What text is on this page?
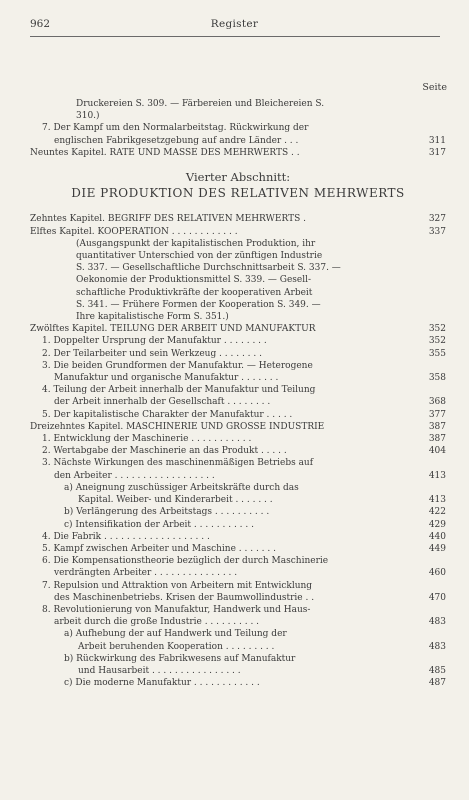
962	Register
Seite
Druckereien S. 309. — Färbereien und Bleichereien S.
310.)
7. Der Kampf um den Normalarbeitstag. Rückwirkung der
englischen Fabrikgesetzgebung auf andre Länder . . .	311
Neuntes Kapitel. RATE UND MASSE DES MEHRWERTS . .	317
Vierter Abschnitt:
DIE PRODUKTION DES RELATIVEN MEHRWERTS
Zehntes Kapitel. BEGRIFF DES RELATIVEN MEHRWERTS .	327
Elftes Kapitel. KOOPERATION . . . . . . . . . . . .	337
(Ausgangspunkt der kapitalistischen Produktion, ihr
quantitativer Unterschied von der zünftigen Industrie
S. 337. — Gesellschaftliche Durchschnittsarbeit S. 337. —
Oekonomie der Produktionsmittel S. 339. — Gesell-
schaftliche Produktivkräfte der kooperativen Arbeit
S. 341. — Frühere Formen der Kooperation S. 349. —
Ihre kapitalistische Form S. 351.)
Zwölftes Kapitel. TEILUNG DER ARBEIT UND MANUFAKTUR	352
1. Doppelter Ursprung der Manufaktur . . . . . . . .	352
2. Der Teilarbeiter und sein Werkzeug . . . . . . . .	355
3. Die beiden Grundformen der Manufaktur. — Heterogene
Manufaktur und organische Manufaktur . . . . . . .	358
4. Teilung der Arbeit innerhalb der Manufaktur und Teilung
der Arbeit innerhalb der Gesellschaft . . . . . . . .	368
5. Der kapitalistische Charakter der Manufaktur . . . . .	377
Dreizehntes Kapitel. MASCHINERIE UND GROSSE INDUSTRIE	387
1. Entwicklung der Maschinerie . . . . . . . . . . .	387
2. Wertabgabe der Maschinerie an das Produkt . . . . .	404
3. Nächste Wirkungen des maschinenmäßigen Betriebs auf
den Arbeiter . . . . . . . . . . . . . . . . . .	413
a) Aneignung zuschüssiger Arbeitskräfte durch das
Kapital. Weiber- und Kinderarbeit . . . . . . .	413
b) Verlängerung des Arbeitstags . . . . . . . . . .	422
c) Intensifikation der Arbeit . . . . . . . . . . .	429
4. Die Fabrik . . . . . . . . . . . . . . . . . . .	440
5. Kampf zwischen Arbeiter und Maschine . . . . . . .	449
6. Die Kompensationstheorie bezüglich der durch Maschinerie
verdrängten Arbeiter . . . . . . . . . . . . . . .	460
7. Repulsion und Attraktion von Arbeitern mit Entwicklung
des Maschinenbetriebs. Krisen der Baumwollindustrie . .	470
8. Revolutionierung von Manufaktur, Handwerk und Haus-
arbeit durch die große Industrie . . . . . . . . . .	483
a) Aufhebung der auf Handwerk und Teilung der
Arbeit beruhenden Kooperation . . . . . . . . .	483
b) Rückwirkung des Fabrikwesens auf Manufaktur
und Hausarbeit . . . . . . . . . . . . . . . .	485
c) Die moderne Manufaktur . . . . . . . . . . . .	487
